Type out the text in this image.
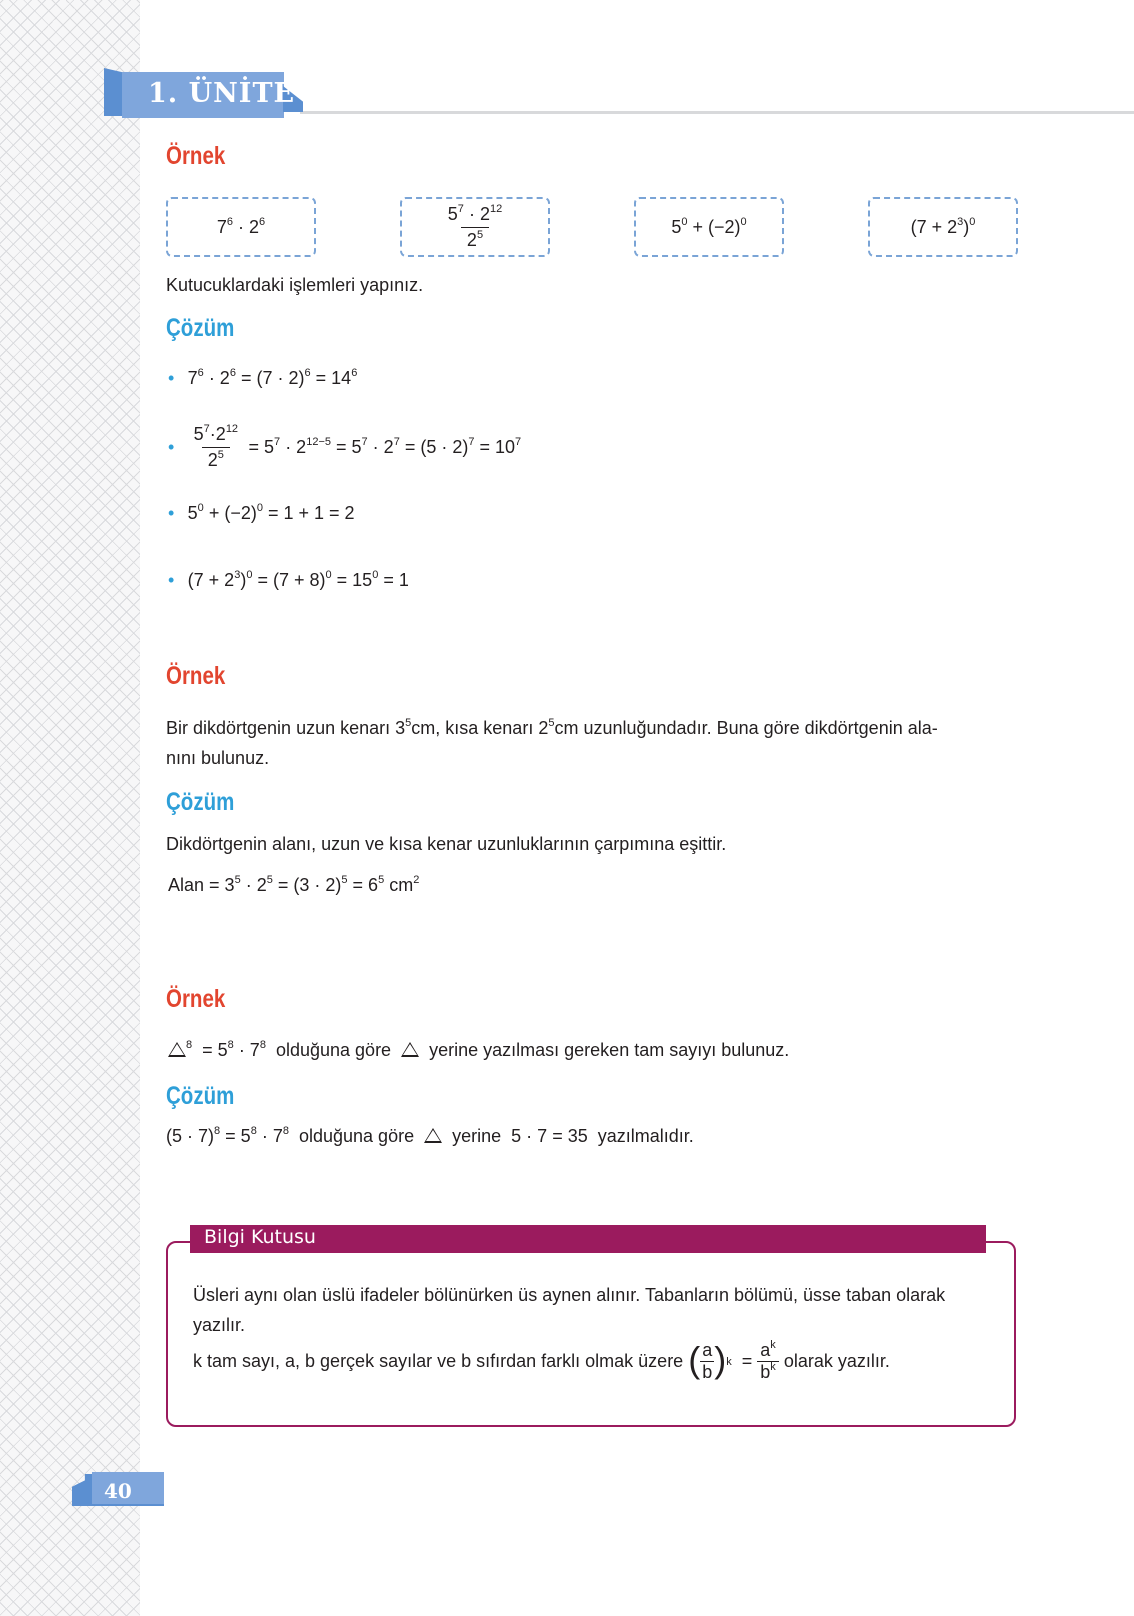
1. ÜNİTE
Örnek
$7^6 \cdot 2^6$	$\frac{5^7 \cdot 2^{12}}{2^5}$	$5^0 + (-2)^0$	$(7 + 2^3)^0$
Kutucuklardaki işlemleri yapınız.
Çözüm
• $7^6 \cdot 2^6 = (7 \cdot 2)^6 = 14^6$
• $\frac{5^7\cdot 2^{12}}{2^5} = 5^7 \cdot 2^{12-5} = 5^7 \cdot 2^7 = (5 \cdot 2)^7 = 10^7$
• $5^0 + (-2)^0 = 1 + 1 = 2$
• $(7 + 2^3)^0 = (7 + 8)^0 = 15^0 = 1$
Örnek
Bir dikdörtgenin uzun kenarı $3^5cm$, kısa kenarı $2^5cm$ uzunluğundadır. Buna göre dikdörtgenin ala-
nını bulunuz.
Çözüm
Dikdörtgenin alanı, uzun ve kısa kenar uzunluklarının çarpımına eşittir.
Alan = $3^5 \cdot 2^5 = (3 \cdot 2)^5 = 6^5$ $cm^2$
Örnek
$^8 = 5^8 \cdot 7^8$ olduğuna göre yerine yazılması gereken tam sayıyı bulunuz.
Çözüm
$(5 \cdot 7)^8 = 5^8 \cdot 7^8$ olduğuna göre yerine 5 · 7 = 35 yazılmalıdır.
Bilgi Kutusu
Üsleri aynı olan üslü ifadeler bölünürken üs aynen alınır. Tabanların bölümü, üsse taban olarak
yazılır.
k tam sayı, a, b gerçek sayılar ve b sıfırdan farklı olmak üzere
( $\frac{a}{b}$ ) k
=
$\frac{a^k}{b^k}$
olarak yazılır.
40
